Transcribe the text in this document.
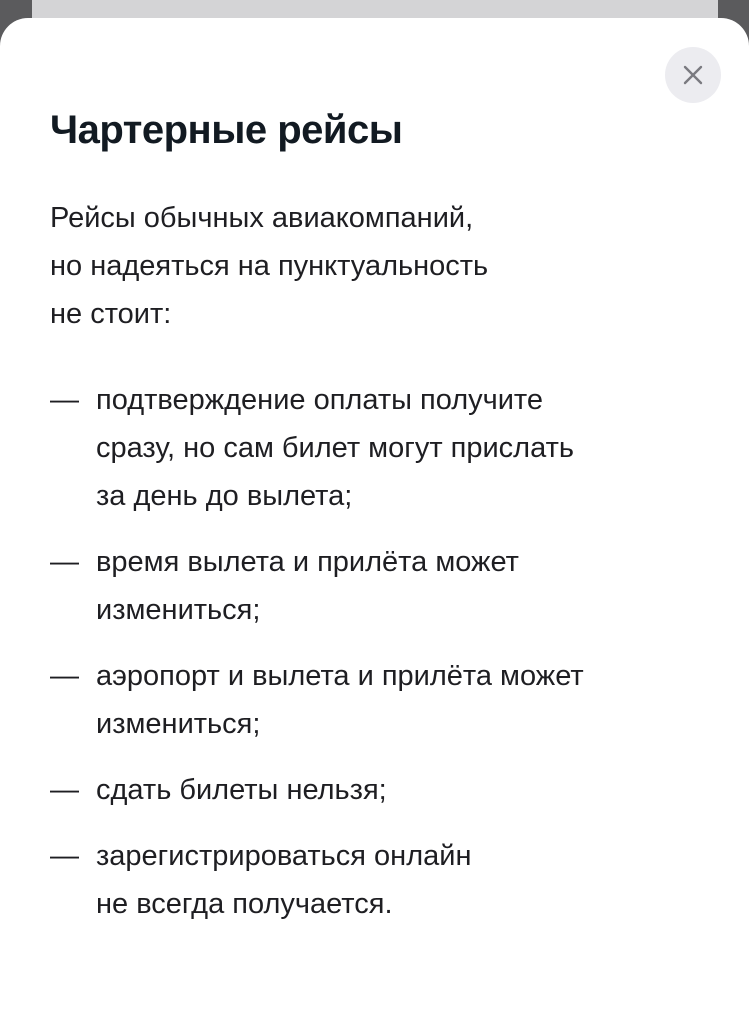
Чартерные рейсы

Рейсы обычных авиакомпаний,
но надеяться на пунктуальность
не стоит:

— подтверждение оплаты получите
сразу, но сам билет могут прислать
за день до вылета;
— время вылета и прилёта может
измениться;
— аэропорт и вылета и прилёта может
измениться;
— сдать билеты нельзя;
— зарегистрироваться онлайн
не всегда получается.
